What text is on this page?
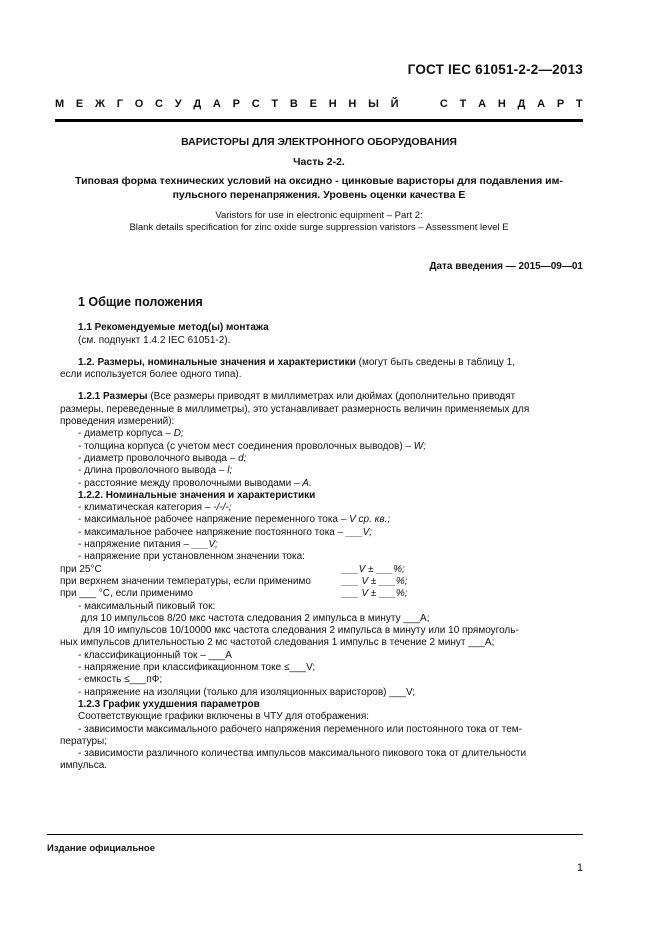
ГОСТ IEC 61051-2-2—2013
М Е Ж Г О С У Д А Р С Т В Е Н Н Ы Й

	С Т А Н Д А Р Т
ВАРИСТОРЫ ДЛЯ ЭЛЕКТРОННОГО ОБОРУДОВАНИЯ
Часть 2-2.
Типовая форма технических условий на оксидно - цинковые варисторы для подавления им-
пульсного перенапряжения. Уровень оценки качества Е
Varistors for use in electronic equipment – Part 2:
Blank details specification for zinc oxide surge suppression varistors – Assessment level E
Дата введения — 2015—09—01
1 Общие положения
1.1 Рекомендуемые метод(ы) монтажа
(см. подпункт 1.4.2 IEC 61051-2).
1.2. Размеры, номинальные значения и характеристики (могут быть сведены в таблицу 1,
если используется более одного типа).
1.2.1 Размеры (Все размеры приводят в миллиметрах или дюймах (дополнительно приводят
размеры, переведенные в миллиметры), это устанавливает размерность величин применяемых для
проведения измерений):
- диаметр корпуса – D;
- толщина корпуса (с учетом мест соединения проволочных выводов) – W;
- диаметр проволочного вывода – d;
- длина проволочного вывода – l;
- расстояние между проволочными выводами – A.
1.2.2. Номинальные значения и характеристики
- климатическая категория – -/-/-;
- максимальное рабочее напряжение переменного тока – V ср. кв.;
- максимальное рабочее напряжение постоянного тока – ___V;
- напряжение питания – ___V;
- напряжение при установленном значении тока:
при 25°С	___V ± ___%;
при верхнем значении температуры, если применимо	___ V ± ___%;
при ___ °С, если применимо	___ V ± ___%;
- максимальный пиковый ток:
для 10 импульсов 8/20 мкс частота следования 2 импульса в минуту ___А;
для 10 импульсов 10/10000 мкс частота следования 2 импульса в минуту или 10 прямоуголь-
ных импульсов длительностью 2 мс частотой следования 1 импульс в течение 2 минут ___А;
- классификационный ток – ___А
- напряжение при классификационном токе ≤___V;
- емкость ≤___пФ;
- напряжение на изоляции (только для изоляционных варисторов) ___V;
1.2.3 График ухудшения параметров
Соответствующие графики включены в ЧТУ для отображения:
- зависимости максимального рабочего напряжения переменного или постоянного тока от тем-
пературы;
- зависимости различного количества импульсов максимального пикового тока от длительности
импульса.
Издание официальное
1
